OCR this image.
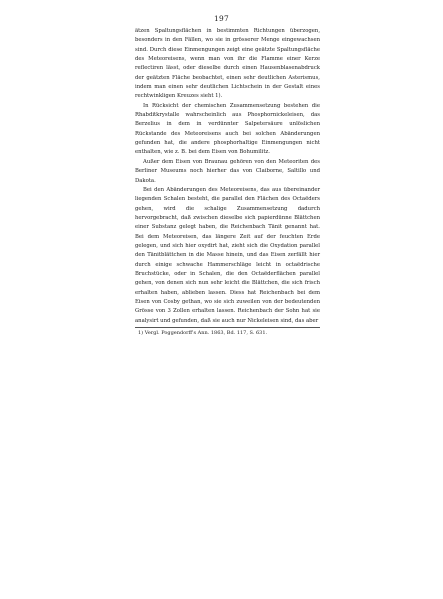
197

ätzen Spaltungsflächen in bestimmten Richtungen überzogen, besonders in den Fällen, wo sie in grösserer Menge eingewachsen sind. Durch diese Einmengungen zeigt eine geätzte Spaltungsfläche des Meteoreisens, wenn man von ihr die Flamme einer Kerze reflectiren lässt, oder dieselbe durch einen Hausenblasenabdruck der geätzten Fläche beobachtet, einen sehr deutlichen Asterismus, indem man einen sehr deutlichen Lichtschein in der Gestalt eines rechtwinkligen Kreuzes sieht 1).

In Rücksicht der chemischen Zusammensetzung bestehen die Rhabditkrystalle wahrscheinlich aus Phosphornickeleisen, das Berzelius in dem in verdünnter Salpetersäure unlöslichen Rückstande des Meteoreisens auch bei solchen Abänderungen gefunden hat, die andere phosphorhaltige Einmengungen nicht enthalten, wie z. B. bei dem Eisen von Bohumilitz.

Außer dem Eisen von Braunau gehören von den Meteoriten des Berliner Museums noch hierher das von Claiborne, Saltillo und Dakota.

Bei den Abänderungen des Meteoreisens, das aus übereinander liegenden Schalen besteht, die parallel den Flächen des Octaëders gehen, wird die schalige Zusammensetzung dadurch hervorgebracht, daß zwischen dieselbe sich papierdünne Blättchen einer Substanz gelegt haben, die Reichenbach Tänit genannt hat. Bei dem Meteoreisen, das längere Zeit auf der feuchten Erde gelegen, und sich hier oxydirt hat, zieht sich die Oxydation parallel den Tänitblättchen in die Masse hinein, und das Eisen zerfällt hier durch einige schwache Hammerschläge leicht in octaëdrische Bruchstücke, oder in Schalen, die den Octaëderflächen parallel gehen, von denen sich nun sehr leicht die Blättchen, die sich frisch erhalten haben, ablieben lassen. Diess hat Reichenbach bei dem Eisen von Cosby gethan, wo sie sich zuweilen von der bedeutenden Grösse von 3 Zollen erhalten lassen. Reichenbach der Sohn hat sie analysirt und gefunden, daß sie auch nur Nickeleisen sind, das aber

1) Vergl. Poggendorff's Ann. 1863, Bd. 117, S. 631.
